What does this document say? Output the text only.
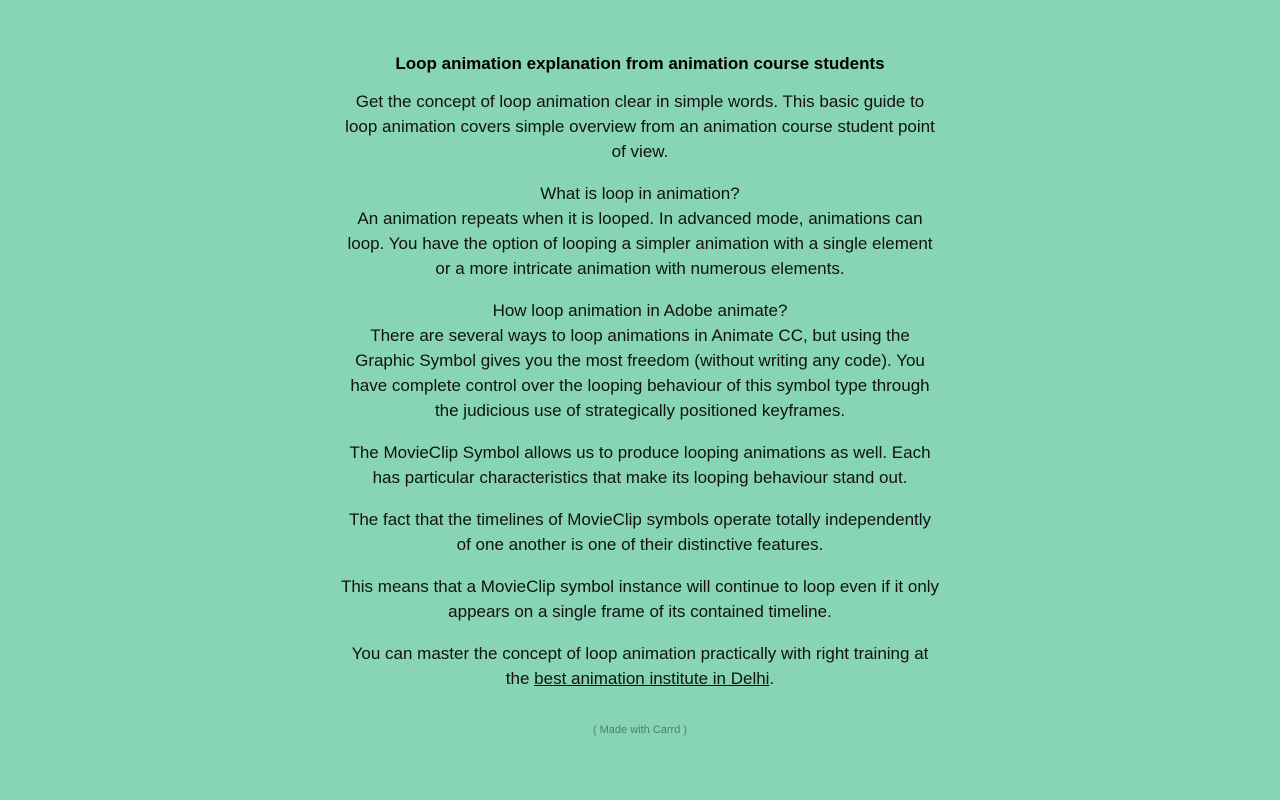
Loop animation explanation from animation course students

Get the concept of loop animation clear in simple words. This basic guide to loop animation covers simple overview from an animation course student point of view.

What is loop in animation?
An animation repeats when it is looped. In advanced mode, animations can loop. You have the option of looping a simpler animation with a single element or a more intricate animation with numerous elements.

How loop animation in Adobe animate?
There are several ways to loop animations in Animate CC, but using the Graphic Symbol gives you the most freedom (without writing any code). You have complete control over the looping behaviour of this symbol type through the judicious use of strategically positioned keyframes.

The MovieClip Symbol allows us to produce looping animations as well. Each has particular characteristics that make its looping behaviour stand out.

The fact that the timelines of MovieClip symbols operate totally independently of one another is one of their distinctive features.

This means that a MovieClip symbol instance will continue to loop even if it only appears on a single frame of its contained timeline.

You can master the concept of loop animation practically with right training at the best animation institute in Delhi.

( Made with Carrd )
